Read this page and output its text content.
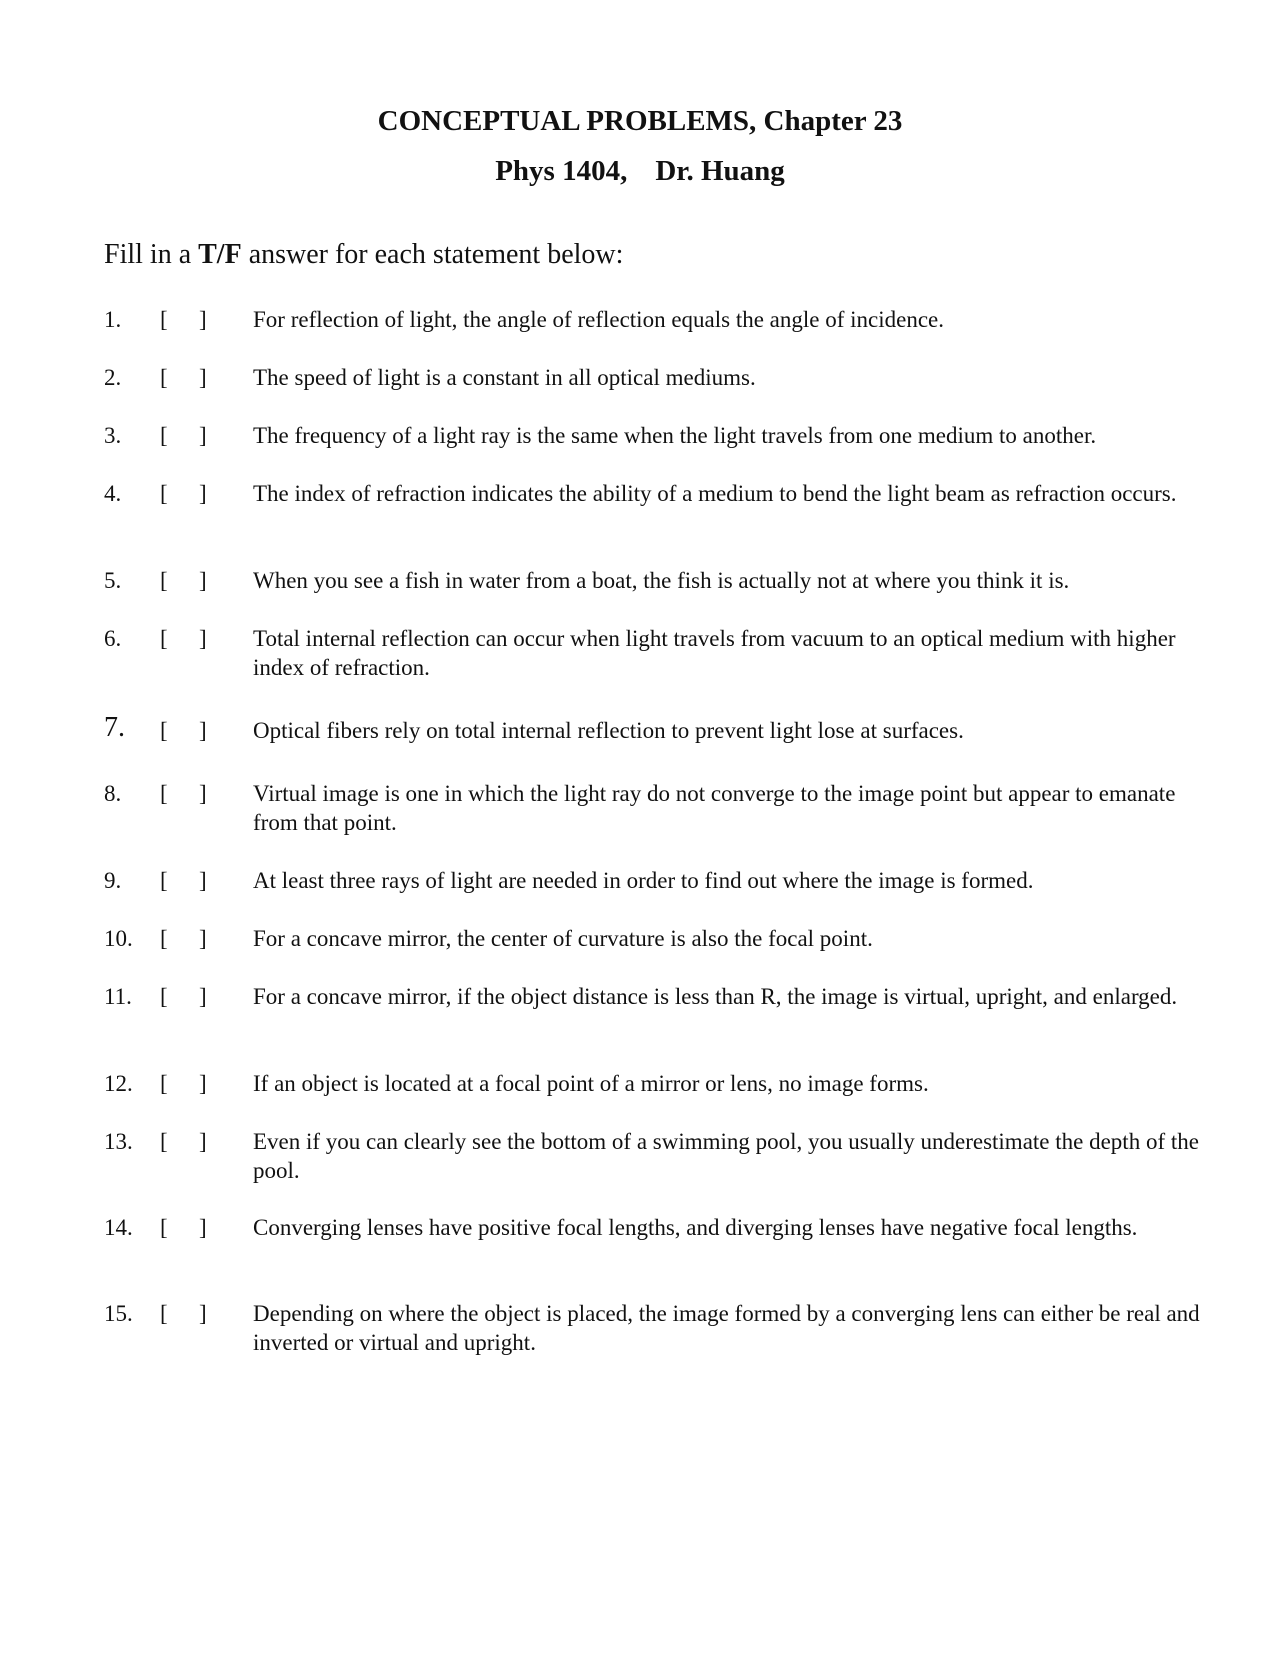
CONCEPTUAL PROBLEMS, Chapter 23
Phys 1404, Dr. Huang
Fill in a T/F answer for each statement below:
1. [ ] For reflection of light, the angle of reflection equals the angle of incidence.
2. [ ] The speed of light is a constant in all optical mediums.
3. [ ] The frequency of a light ray is the same when the light travels from one medium to another.
4. [ ] The index of refraction indicates the ability of a medium to bend the light beam as refraction occurs.
5. [ ] When you see a fish in water from a boat, the fish is actually not at where you think it is.
6. [ ] Total internal reflection can occur when light travels from vacuum to an optical medium with higher index of refraction.
7. [ ] Optical fibers rely on total internal reflection to prevent light lose at surfaces.
8. [ ] Virtual image is one in which the light ray do not converge to the image point but appear to emanate from that point.
9. [ ] At least three rays of light are needed in order to find out where the image is formed.
10. [ ] For a concave mirror, the center of curvature is also the focal point.
11. [ ] For a concave mirror, if the object distance is less than R, the image is virtual, upright, and enlarged.
12. [ ] If an object is located at a focal point of a mirror or lens, no image forms.
13. [ ] Even if you can clearly see the bottom of a swimming pool, you usually underestimate the depth of the pool.
14. [ ] Converging lenses have positive focal lengths, and diverging lenses have negative focal lengths.
15. [ ] Depending on where the object is placed, the image formed by a converging lens can either be real and inverted or virtual and upright.
